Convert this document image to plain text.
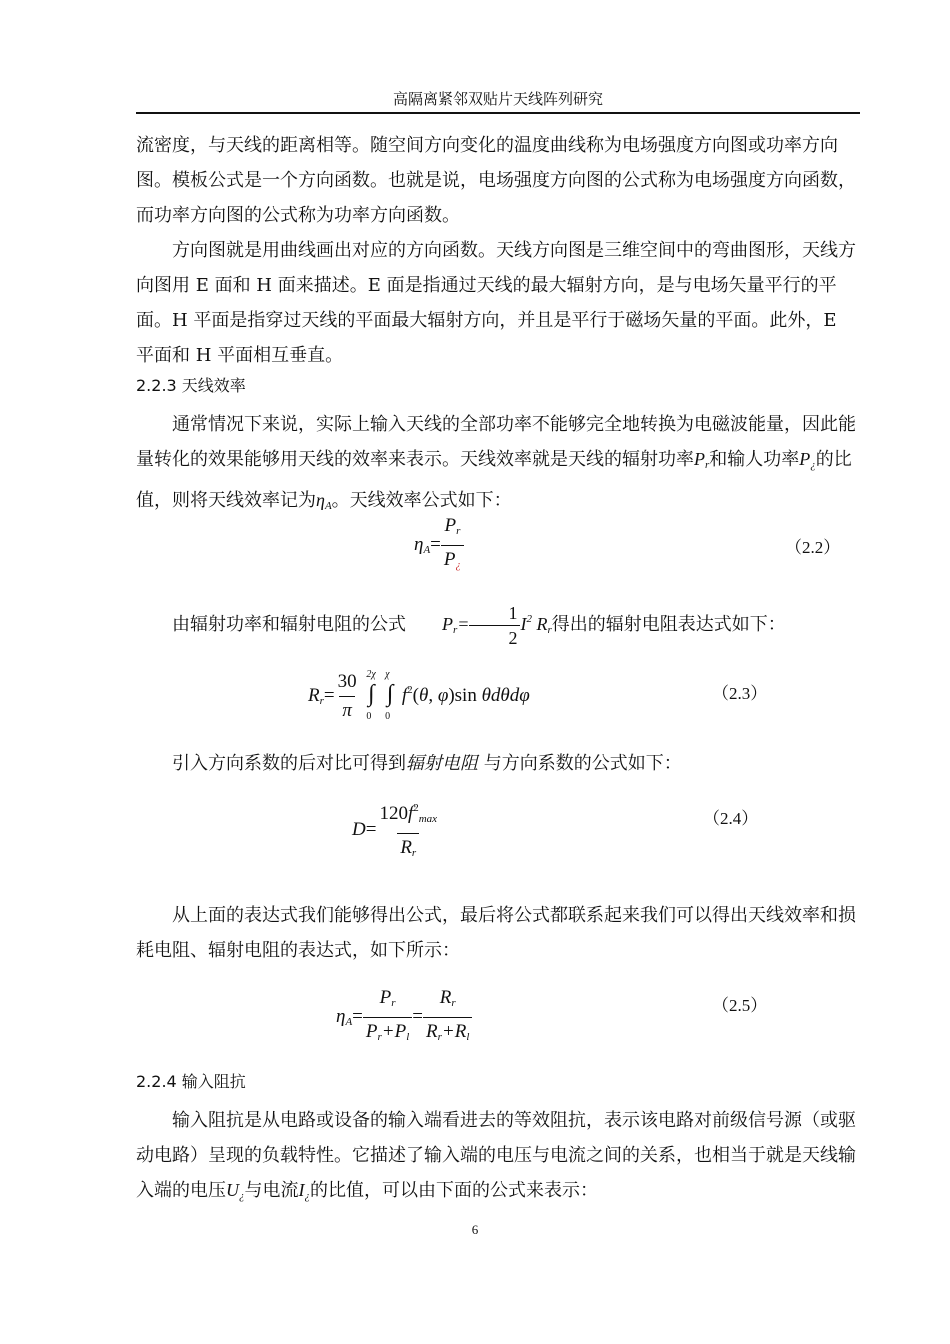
高隔离紧邻双贴片天线阵列研究

流密度，与天线的距离相等。随空间方向变化的温度曲线称为电场强度方向图或功率方向图。模板公式是一个方向函数。也就是说，电场强度方向图的公式称为电场强度方向函数，而功率方向图的公式称为功率方向函数。

方向图就是用曲线画出对应的方向函数。天线方向图是三维空间中的弯曲图形，天线方向图用 E 面和 H 面来描述。E 面是指通过天线的最大辐射方向，是与电场矢量平行的平面。H 平面是指穿过天线的平面最大辐射方向，并且是平行于磁场矢量的平面。此外，E 平面和 H 平面相互垂直。

2.2.3 天线效率

通常情况下来说，实际上输入天线的全部功率不能够完全地转换为电磁波能量，因此能量转化的效果能够用天线的效率来表示。天线效率就是天线的辐射功率$P_r$和输人功率$P_¿$的比值，则将天线效率记为$\eta_A$。天线效率公式如下：

$\eta_A= \frac{P_r}{P_¿}$	（2.2）

由辐射功率和辐射电阻的公式 $P_r= \frac{1}{2} I^2$ $R_r$得出的辐射电阻表达式如下：

$R_r= \frac{30}{\pi}$
2χ
∫
0

χ
∫
0
$f^2(\theta$, φ)sin θdθdφ	（2.3）

引入方向系数的后对比可得到辐射电阻 与方向系数的公式如下：

$D= \frac{120f^2_{max}}{R_r}$	（2.4）

从上面的表达式我们能够得出公式，最后将公式都联系起来我们可以得出天线效率和损耗电阻、辐射电阻的表达式，如下所示：

$\eta_A= \frac{P_r}{P_r+P_l} = \frac{R_r}{R_r+R_l}$	（2.5）
2.2.4 输入阻抗

输入阻抗是从电路或设备的输入端看进去的等效阻抗，表示该电路对前级信号源（或驱动电路）呈现的负载特性。它描述了输入端的电压与电流之间的关系，也相当于就是天线输入端的电压$U_¿$与电流$I_¿$的比值，可以由下面的公式来表示：

6
